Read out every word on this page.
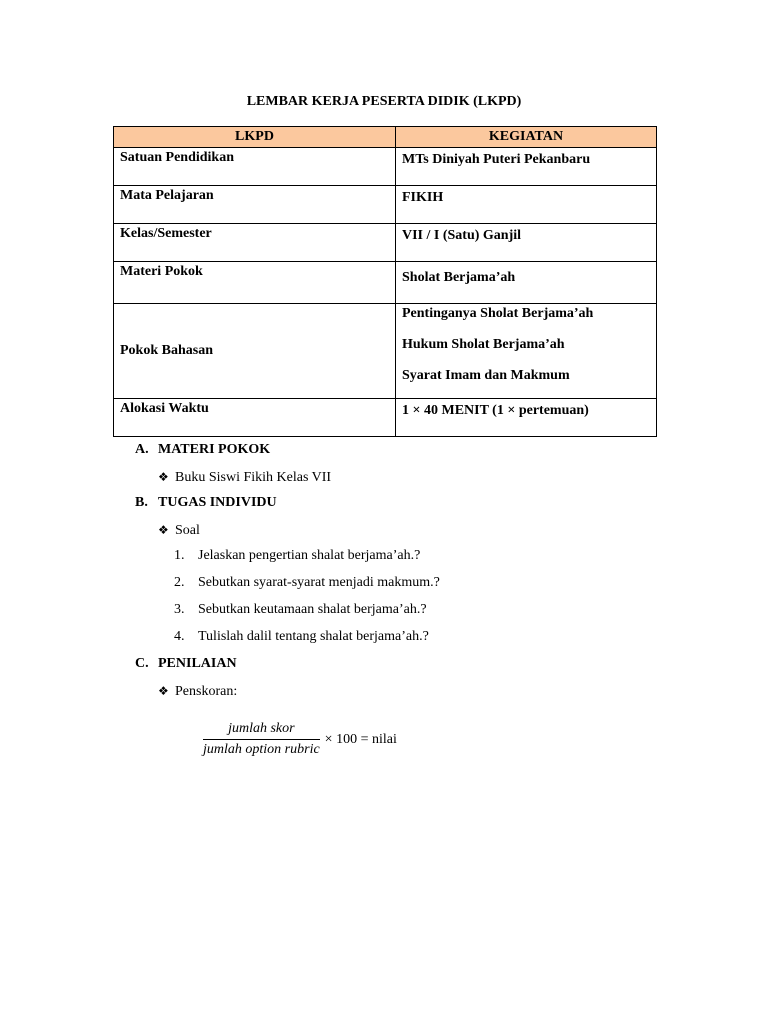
LEMBAR KERJA PESERTA DIDIK (LKPD)
LKPD	KEGIATAN
Satuan Pendidikan	MTs Diniyah Puteri Pekanbaru
Mata Pelajaran	FIKIH
Kelas/Semester	VII / I (Satu) Ganjil
Materi Pokok	Sholat Berjama’ah
Pokok Bahasan	Pentinganya Sholat Berjama’ah
Hukum Sholat Berjama’ah
Syarat Imam dan Makmum

Alokasi Waktu	1 × 40 MENIT (1 × pertemuan)
A. MATERI POKOK
❖ Buku Siswi Fikih Kelas VII
B. TUGAS INDIVIDU
❖ Soal
1. Jelaskan pengertian shalat berjama’ah.?
2. Sebutkan syarat-syarat menjadi makmum.?
3. Sebutkan keutamaan shalat berjama’ah.?
4. Tulislah dalil tentang shalat berjama’ah.?
C. PENILAIAN
❖ Penskoran:
$\frac{\text{jumlah skor}}{\text{jumlah option rubric}} \times 100$ = nilai
